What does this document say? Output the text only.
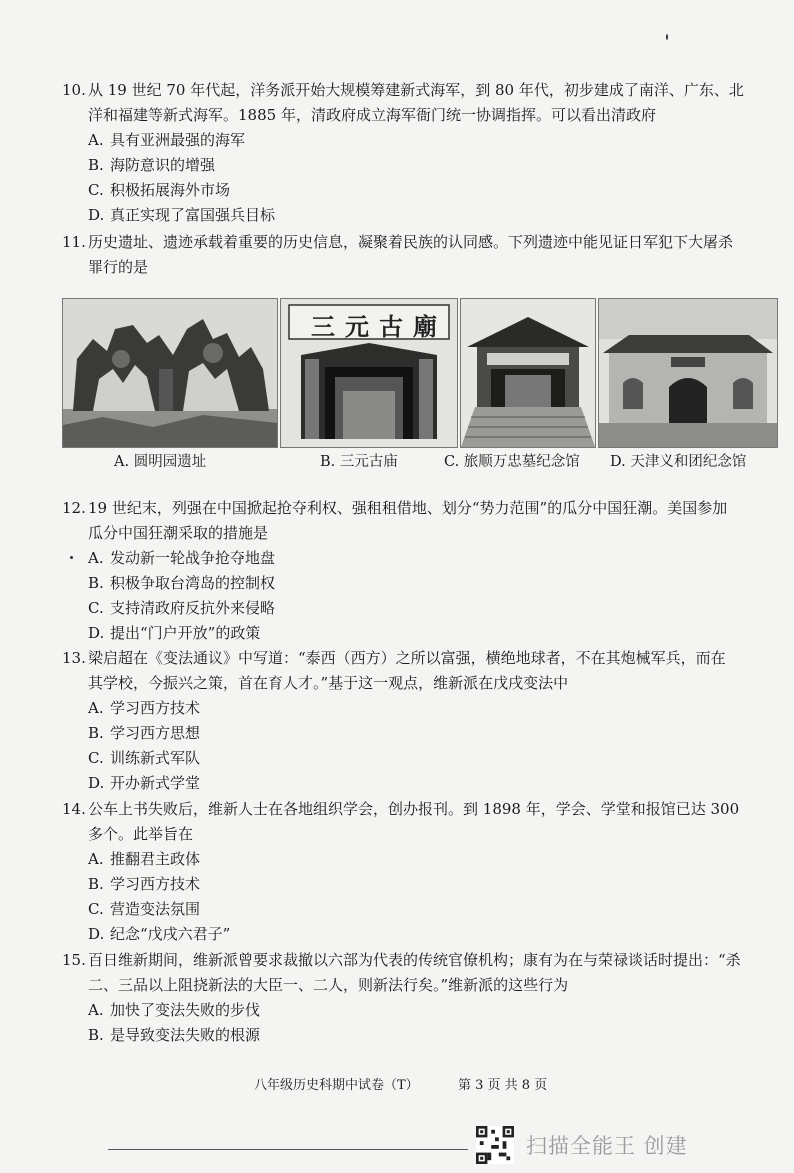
10. 从 19 世纪 70 年代起，洋务派开始大规模筹建新式海军，到 80 年代，初步建成了南洋、广东、北

洋和福建等新式海军。1885 年，清政府成立海军衙门统一协调指挥。可以看出清政府

A. 具有亚洲最强的海军

B. 海防意识的增强

C. 积极拓展海外市场

D. 真正实现了富国强兵目标

11. 历史遗址、遗迹承载着重要的历史信息，凝聚着民族的认同感。下列遗迹中能见证日军犯下大屠杀

罪行的是

三元古廟
A. 圆明园遗址	B. 三元古庙	C. 旅顺万忠墓纪念馆 D. 天津义和团纪念馆

12. 19 世纪末，列强在中国掀起抢夺利权、强租租借地、划分“势力范围”的瓜分中国狂潮。美国参加

瓜分中国狂潮采取的措施是

A. 发动新一轮战争抢夺地盘

B. 积极争取台湾岛的控制权

C. 支持清政府反抗外来侵略

D. 提出“门户开放”的政策

13. 梁启超在《变法通议》中写道：“泰西（西方）之所以富强，横绝地球者，不在其炮械军兵，而在

其学校，今振兴之策，首在育人才。”基于这一观点，维新派在戊戌变法中

A. 学习西方技术

B. 学习西方思想

C. 训练新式军队

D. 开办新式学堂

14. 公车上书失败后，维新人士在各地组织学会，创办报刊。到 1898 年，学会、学堂和报馆已达 300

多个。此举旨在

A. 推翻君主政体

B. 学习西方技术

C. 营造变法氛围

D. 纪念“戊戌六君子”

15. 百日维新期间，维新派曾要求裁撤以六部为代表的传统官僚机构；康有为在与荣禄谈话时提出：“杀

二、三品以上阻挠新法的大臣一、二人，则新法行矣。”维新派的这些行为

A. 加快了变法失败的步伐

B. 是导致变法失败的根源

八年级历史科期中试卷（T）	第 3 页 共 8 页
扫描全能王 创建
